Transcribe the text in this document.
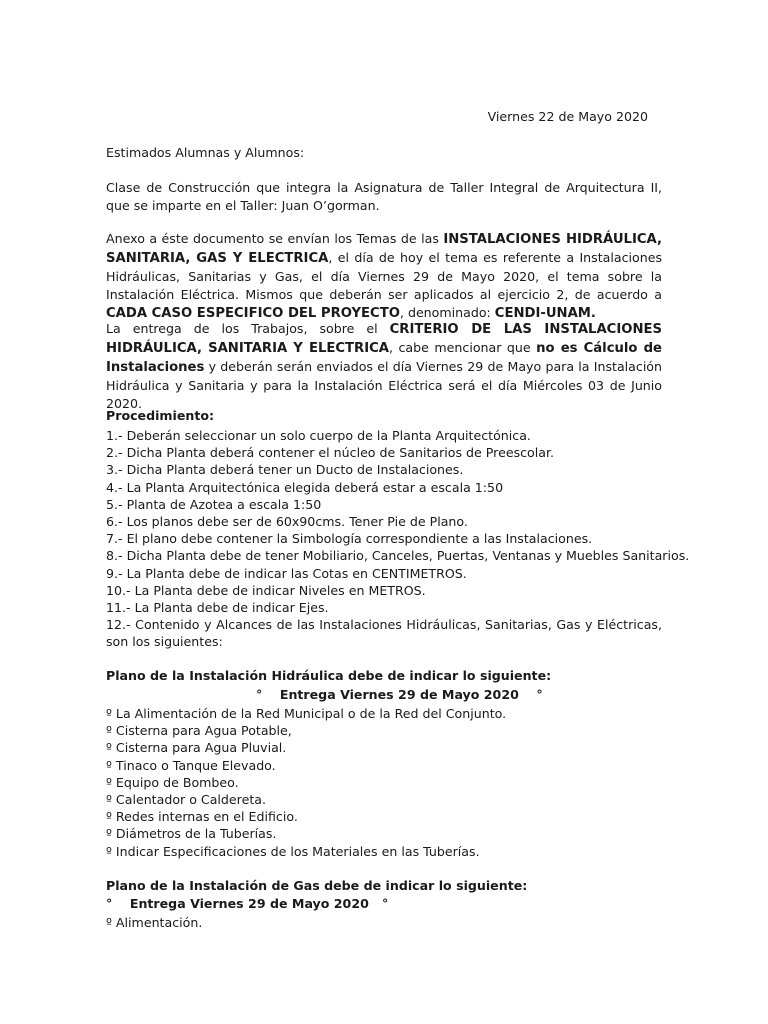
Viernes 22 de Mayo 2020
Estimados Alumnas y Alumnos:
Clase de Construcción que integra la Asignatura de Taller Integral de Arquitectura II, que se imparte en el Taller: Juan O’gorman.
Anexo a éste documento se envían los Temas de las INSTALACIONES HIDRÁULICA, SANITARIA, GAS Y ELECTRICA, el día de hoy el tema es referente a Instalaciones Hidráulicas, Sanitarias y Gas, el día Viernes 29 de Mayo 2020, el tema sobre la Instalación Eléctrica. Mismos que deberán ser aplicados al ejercicio 2, de acuerdo a CADA CASO ESPECIFICO DEL PROYECTO, denominado: CENDI-UNAM.
La entrega de los Trabajos, sobre el CRITERIO DE LAS INSTALACIONES HIDRÁULICA, SANITARIA Y ELECTRICA, cabe mencionar que no es Cálculo de Instalaciones y deberán serán enviados el día Viernes 29 de Mayo para la Instalación Hidráulica y Sanitaria y para la Instalación Eléctrica será el día Miércoles 03 de Junio 2020.
Procedimiento:
1.- Deberán seleccionar un solo cuerpo de la Planta Arquitectónica.
2.- Dicha Planta deberá contener el núcleo de Sanitarios de Preescolar.
3.- Dicha Planta deberá tener un Ducto de Instalaciones.
4.- La Planta Arquitectónica elegida deberá estar a escala 1:50
5.- Planta de Azotea a escala 1:50
6.- Los planos debe ser de 60x90cms. Tener Pie de Plano.
7.- El plano debe contener la Simbología correspondiente a las Instalaciones.
8.- Dicha Planta debe de tener Mobiliario, Canceles, Puertas, Ventanas y Muebles Sanitarios.
9.- La Planta debe de indicar las Cotas en CENTIMETROS.
10.- La Planta debe de indicar Niveles en METROS.
11.- La Planta debe de indicar Ejes.
12.- Contenido y Alcances de las Instalaciones Hidráulicas, Sanitarias, Gas y Eléctricas, son los siguientes:
Plano de la Instalación Hidráulica debe de indicar lo siguiente:
°    Entrega Viernes 29 de Mayo 2020    °
º La Alimentación de la Red Municipal o de la Red del Conjunto.
º Cisterna para Agua Potable,
º Cisterna para Agua Pluvial.
º Tinaco o Tanque Elevado.
º Equipo de Bombeo.
º Calentador o Caldereta.
º Redes internas en el Edificio.
º Diámetros de la Tuberías.
º Indicar Especificaciones de los Materiales en las Tuberías.
Plano de la Instalación de Gas debe de indicar lo siguiente:
°    Entrega Viernes 29 de Mayo 2020   °
º Alimentación.
